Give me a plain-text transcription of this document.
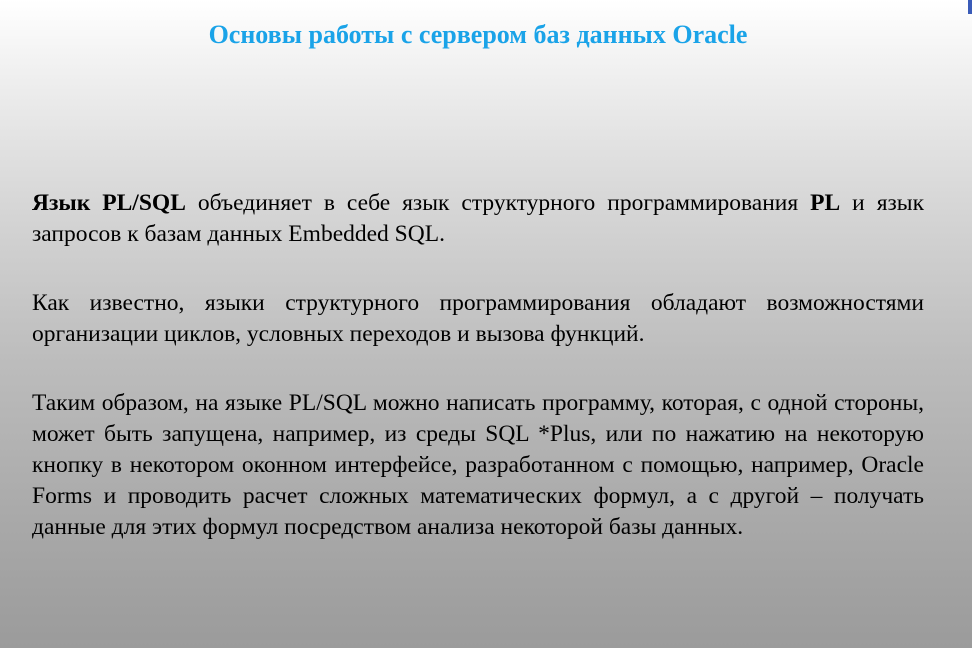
Основы работы с сервером баз данных Oracle

Язык PL/SQL объединяет в себе язык структурного программирования PL и язык запросов к базам данных Embedded SQL.

Как известно, языки структурного программирования обладают возможностями организации циклов, условных переходов и вызова функций.

Таким образом, на языке PL/SQL можно написать программу, которая, с одной стороны, может быть запущена, например, из среды SQL *Plus, или по нажатию на некоторую кнопку в некотором оконном интерфейсе, разработанном с помощью, например, Oracle Forms и проводить расчет сложных математических формул, а с другой – получать данные для этих формул посредством анализа некоторой базы данных.
